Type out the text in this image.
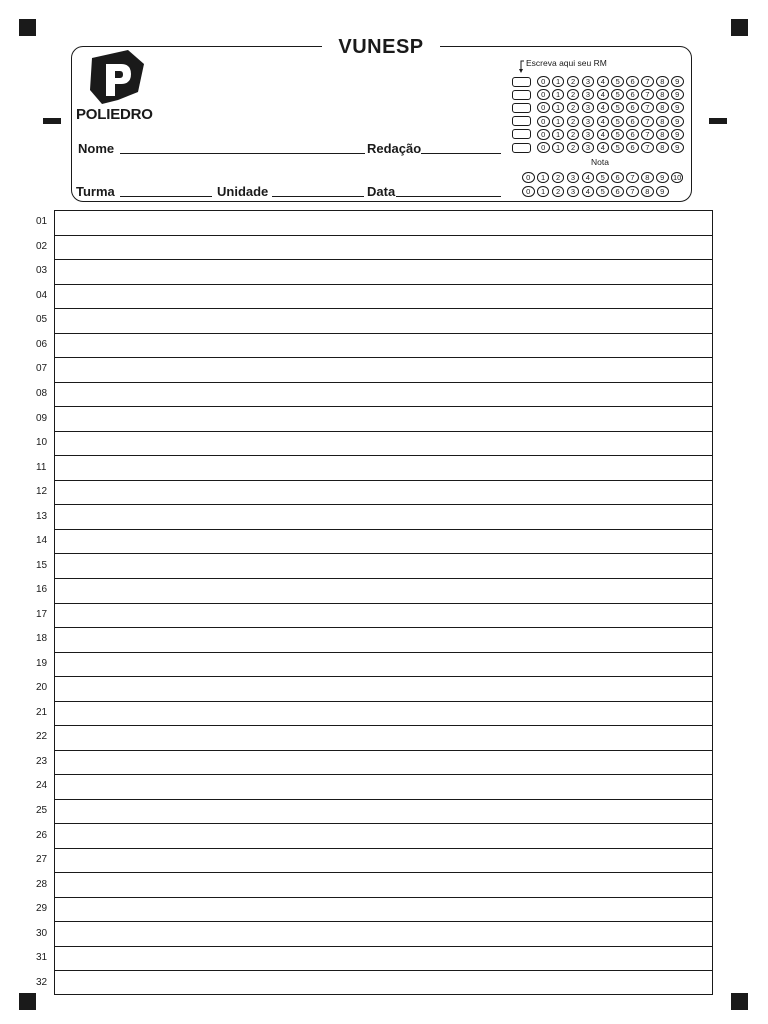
VUNESP
POLIEDRO
Nome	Redação
Turma	Unidade	Data
Escreva aqui seu RM
0	1	2	3	4	5	6	7	8	9
0	1	2	3	4	5	6	7	8	9
0	1	2	3	4	5	6	7	8	9
0	1	2	3	4	5	6	7	8	9
0	1	2	3	4	5	6	7	8	9
0	1	2	3	4	5	6	7	8	9
Nota
0	1	2	3	4	5	6	7	8	9	10
0	1	2	3	4	5	6	7	8	9
01
02
03
04
05
06
07
08
09
10
11
12
13
14
15
16
17
18
19
20
21
22
23
24
25
26
27
28
29
30
31
32
